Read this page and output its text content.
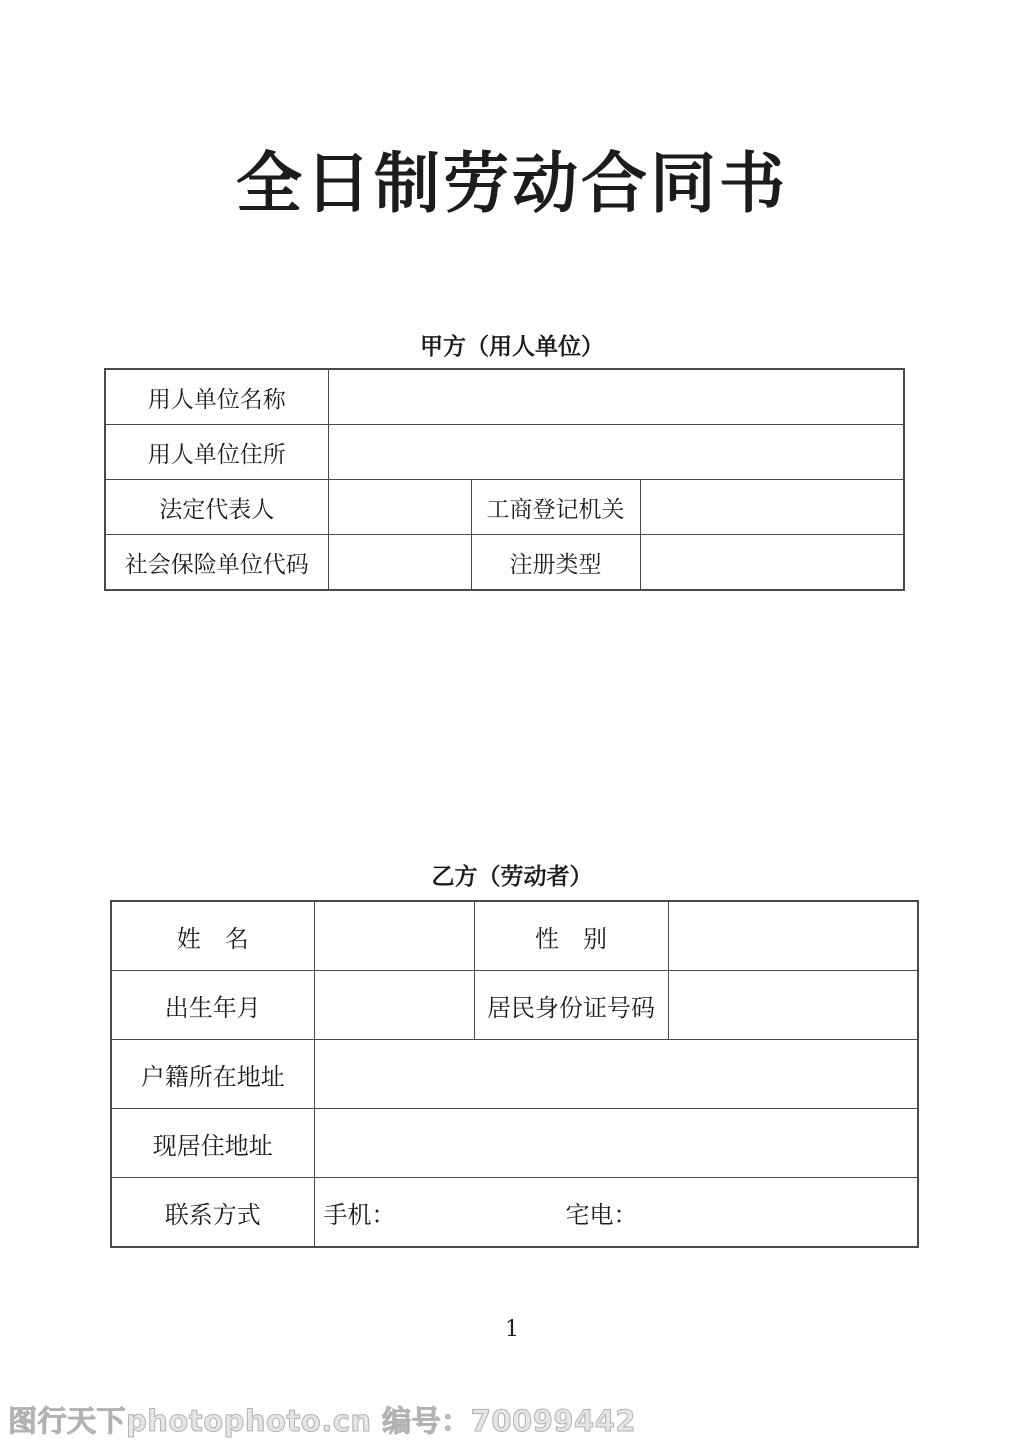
全日制劳动合同书
甲方（用人单位）
用人单位名称			
用人单位住所			
法定代表人		工商登记机关	
社会保险单位代码		注册类型	
乙方（劳动者）
姓　名		性　别	
出生年月		居民身份证号码	
户籍所在地址			
现居住地址			
联系方式	手机： 宅电：		
1
图行天下photophoto.cn 编号：70099442
